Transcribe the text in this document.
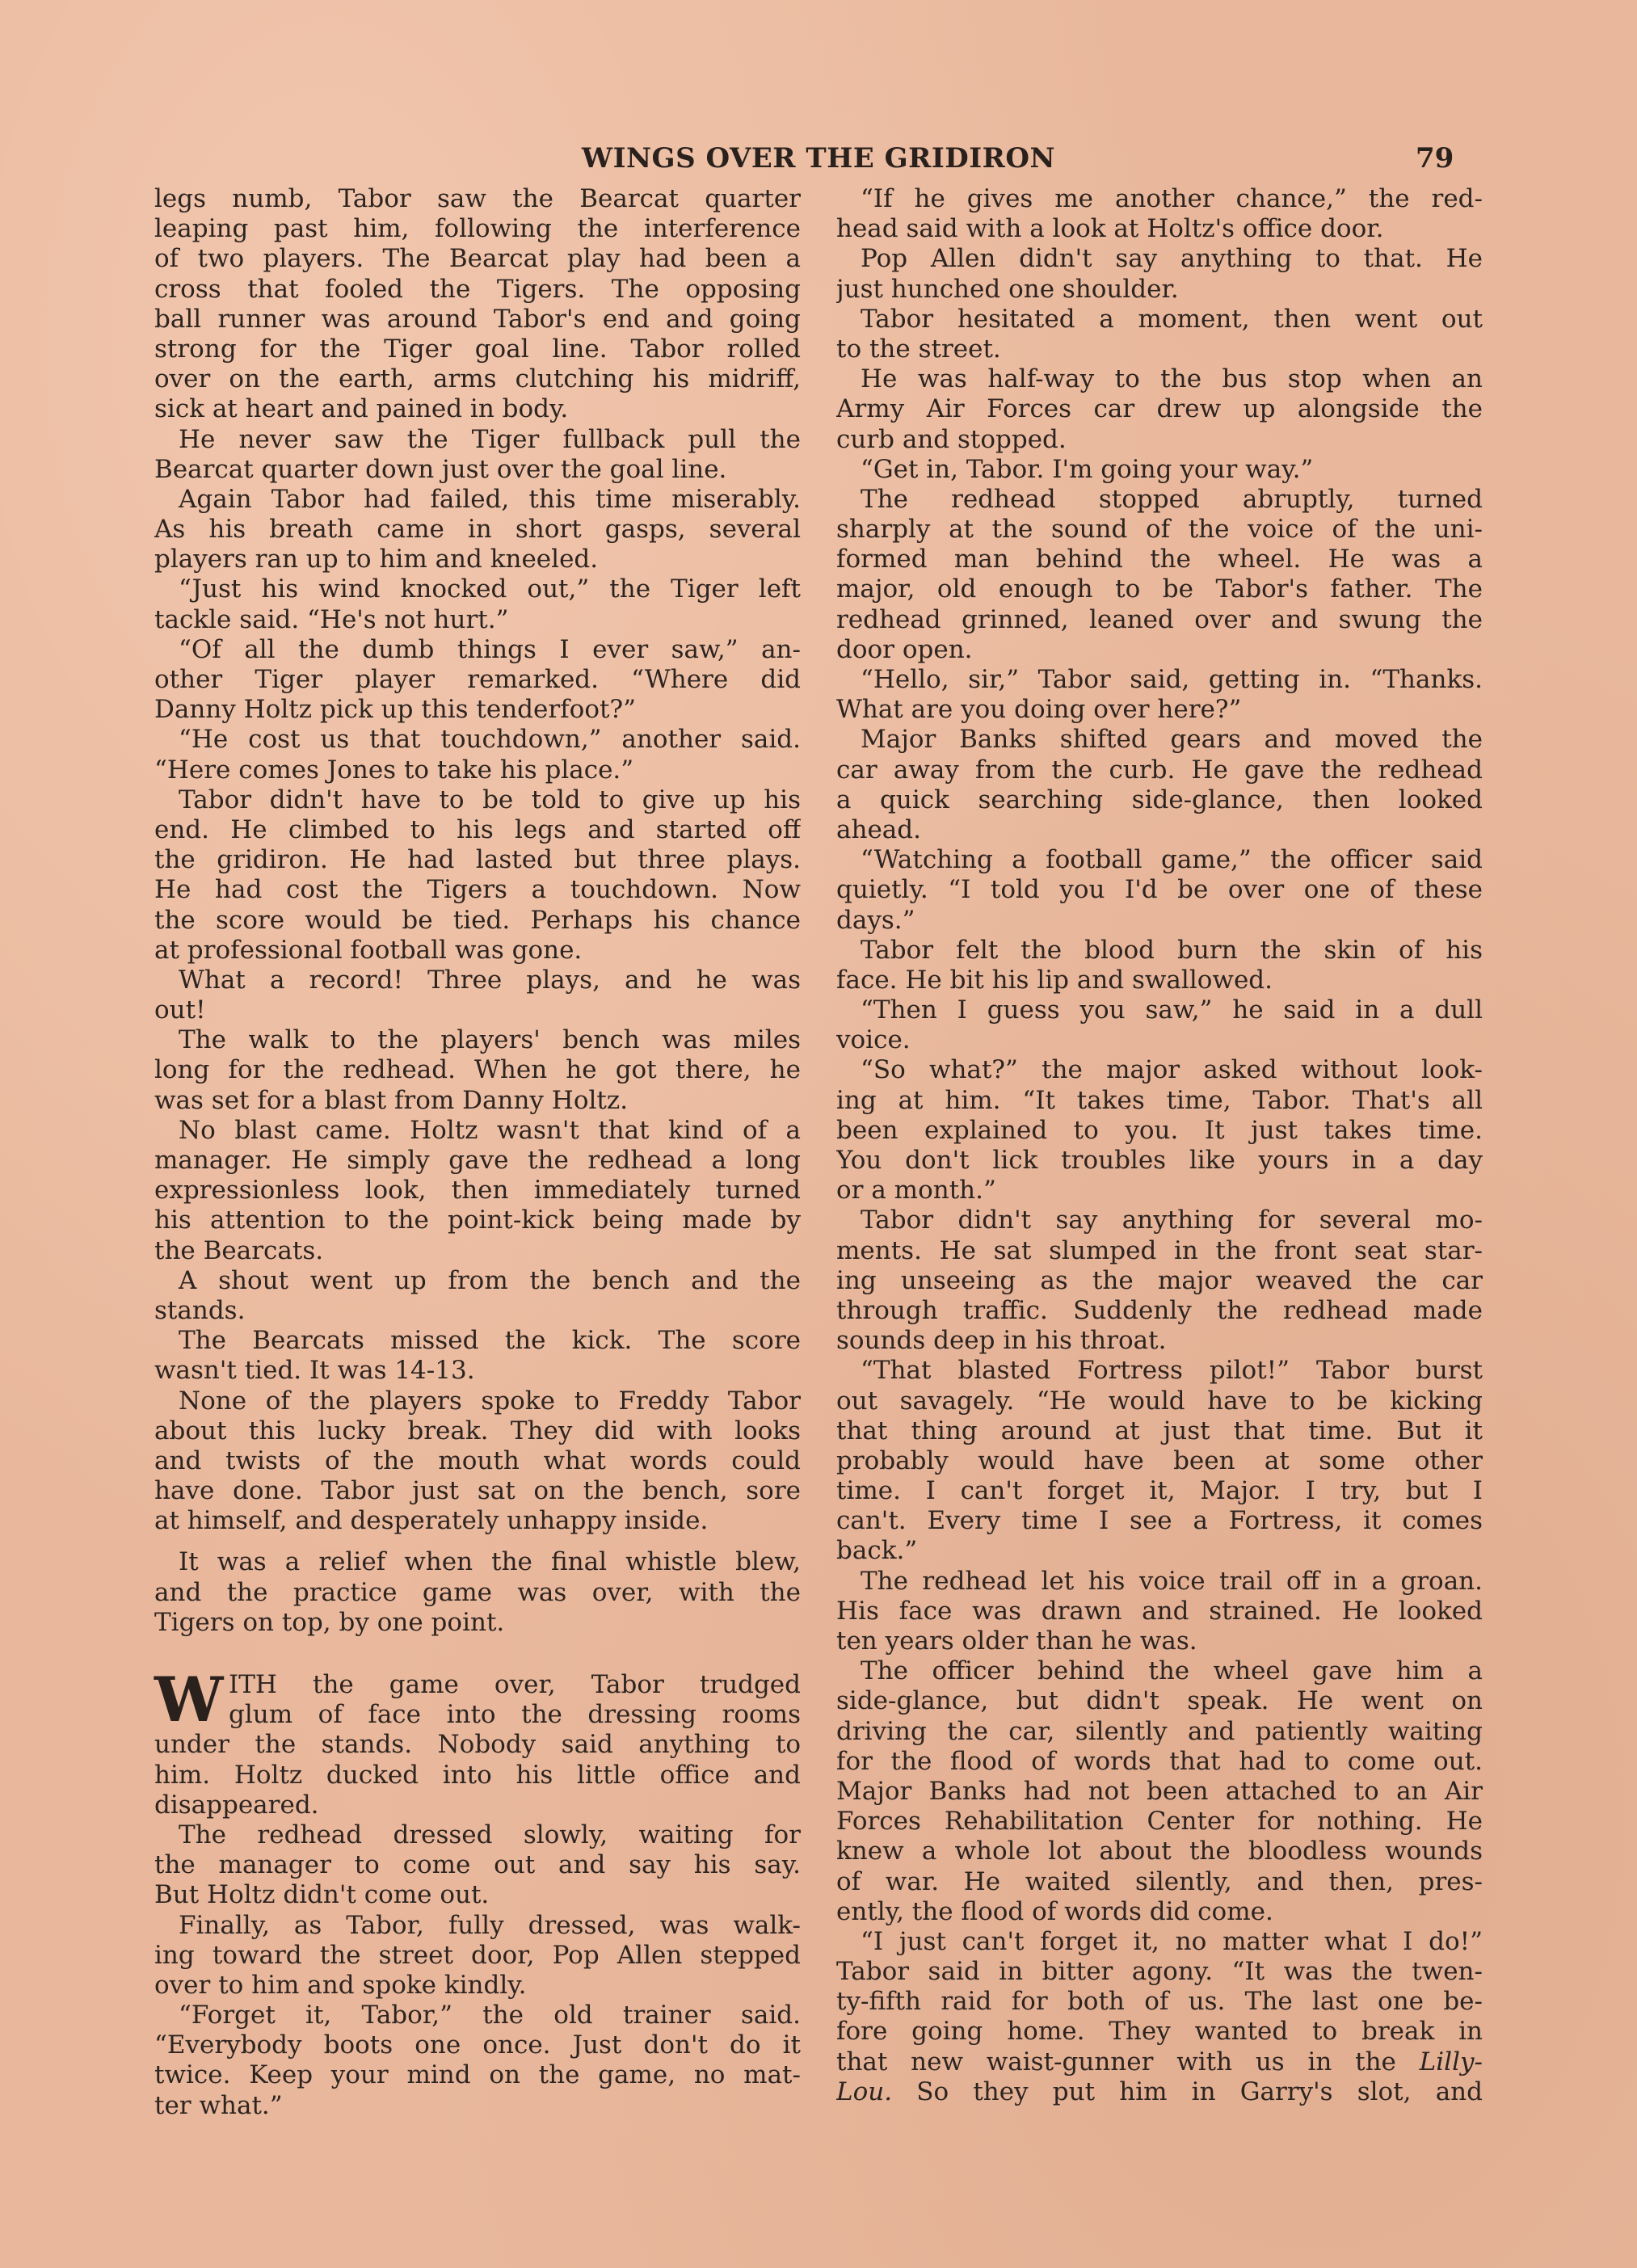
WINGS OVER THE GRIDIRON	79
legs numb, Tabor saw the Bearcat quarter
leaping past him, following the interference
of two players. The Bearcat play had been a
cross that fooled the Tigers. The opposing
ball runner was around Tabor's end and going
strong for the Tiger goal line. Tabor rolled
over on the earth, arms clutching his midriff,
sick at heart and pained in body.
He never saw the Tiger fullback pull the
Bearcat quarter down just over the goal line.
Again Tabor had failed, this time miserably.
As his breath came in short gasps, several
players ran up to him and kneeled.
“Just his wind knocked out,” the Tiger left
tackle said. “He's not hurt.”
“Of all the dumb things I ever saw,” an-
other Tiger player remarked. “Where did
Danny Holtz pick up this tenderfoot?”
“He cost us that touchdown,” another said.
“Here comes Jones to take his place.”
Tabor didn't have to be told to give up his
end. He climbed to his legs and started off
the gridiron. He had lasted but three plays.
He had cost the Tigers a touchdown. Now
the score would be tied. Perhaps his chance
at professional football was gone.
What a record! Three plays, and he was
out!
The walk to the players' bench was miles
long for the redhead. When he got there, he
was set for a blast from Danny Holtz.
No blast came. Holtz wasn't that kind of a
manager. He simply gave the redhead a long
expressionless look, then immediately turned
his attention to the point-kick being made by
the Bearcats.
A shout went up from the bench and the
stands.
The Bearcats missed the kick. The score
wasn't tied. It was 14-13.
None of the players spoke to Freddy Tabor
about this lucky break. They did with looks
and twists of the mouth what words could
have done. Tabor just sat on the bench, sore
at himself, and desperately unhappy inside.
It was a relief when the final whistle blew,
and the practice game was over, with the
Tigers on top, by one point.
W ITH the game over, Tabor trudged
glum of face into the dressing rooms
under the stands. Nobody said anything to
him. Holtz ducked into his little office and
disappeared.
The redhead dressed slowly, waiting for
the manager to come out and say his say.
But Holtz didn't come out.
Finally, as Tabor, fully dressed, was walk-
ing toward the street door, Pop Allen stepped
over to him and spoke kindly.
“Forget it, Tabor,” the old trainer said.
“Everybody boots one once. Just don't do it
twice. Keep your mind on the game, no mat-
ter what.”
“If he gives me another chance,” the red-
head said with a look at Holtz's office door.
Pop Allen didn't say anything to that. He
just hunched one shoulder.
Tabor hesitated a moment, then went out
to the street.
He was half-way to the bus stop when an
Army Air Forces car drew up alongside the
curb and stopped.
“Get in, Tabor. I'm going your way.”
The redhead stopped abruptly, turned
sharply at the sound of the voice of the uni-
formed man behind the wheel. He was a
major, old enough to be Tabor's father. The
redhead grinned, leaned over and swung the
door open.
“Hello, sir,” Tabor said, getting in. “Thanks.
What are you doing over here?”
Major Banks shifted gears and moved the
car away from the curb. He gave the redhead
a quick searching side-glance, then looked
ahead.
“Watching a football game,” the officer said
quietly. “I told you I'd be over one of these
days.”
Tabor felt the blood burn the skin of his
face. He bit his lip and swallowed.
“Then I guess you saw,” he said in a dull
voice.
“So what?” the major asked without look-
ing at him. “It takes time, Tabor. That's all
been explained to you. It just takes time.
You don't lick troubles like yours in a day
or a month.”
Tabor didn't say anything for several mo-
ments. He sat slumped in the front seat star-
ing unseeing as the major weaved the car
through traffic. Suddenly the redhead made
sounds deep in his throat.
“That blasted Fortress pilot!” Tabor burst
out savagely. “He would have to be kicking
that thing around at just that time. But it
probably would have been at some other
time. I can't forget it, Major. I try, but I
can't. Every time I see a Fortress, it comes
back.”
The redhead let his voice trail off in a groan.
His face was drawn and strained. He looked
ten years older than he was.
The officer behind the wheel gave him a
side-glance, but didn't speak. He went on
driving the car, silently and patiently waiting
for the flood of words that had to come out.
Major Banks had not been attached to an Air
Forces Rehabilitation Center for nothing. He
knew a whole lot about the bloodless wounds
of war. He waited silently, and then, pres-
ently, the flood of words did come.
“I just can't forget it, no matter what I do!”
Tabor said in bitter agony. “It was the twen-
ty-fifth raid for both of us. The last one be-
fore going home. They wanted to break in
that new waist-gunner with us in the Lilly-
Lou. So they put him in Garry's slot, and
